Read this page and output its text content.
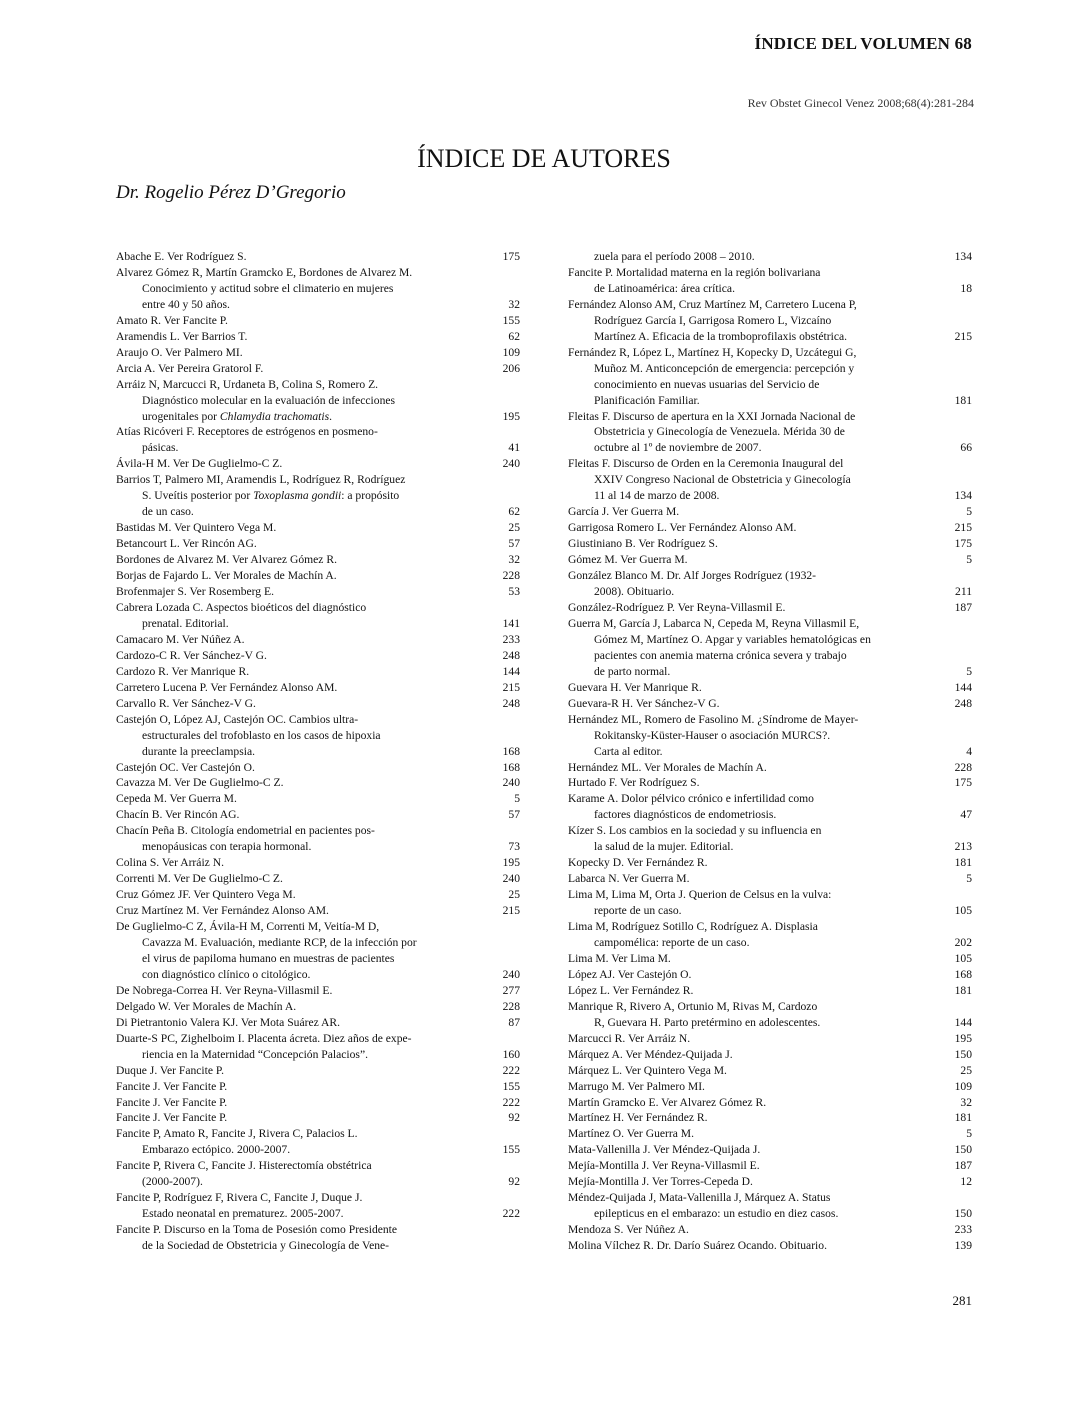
ÍNDICE DEL VOLUMEN 68
Rev Obstet Ginecol Venez 2008;68(4):281-284
ÍNDICE DE AUTORES
Dr. Rogelio Pérez D’Gregorio
Abache E. Ver Rodríguez S.	175
Alvarez Gómez R, Martín Gramcko E, Bordones de Alvarez M.
Conocimiento y actitud sobre el climaterio en mujeres
entre 40 y 50 años.	32
Amato R. Ver Fancite P.	155
Aramendis L. Ver Barrios T.	62
Araujo O. Ver Palmero MI.	109
Arcia A. Ver Pereira Gratorol F.	206
Arráiz N, Marcucci R, Urdaneta B, Colina S, Romero Z.
Diagnóstico molecular en la evaluación de infecciones
urogenitales por Chlamydia trachomatis.	195
Atías Ricóveri F. Receptores de estrógenos en posmeno-
pásicas.	41
Ávila-H M. Ver De Guglielmo-C Z.	240
Barrios T, Palmero MI, Aramendis L, Rodríguez R, Rodríguez
S. Uveítis posterior por Toxoplasma gondii: a propósito
de un caso.	62
Bastidas M. Ver Quintero Vega M.	25
Betancourt L. Ver Rincón AG.	57
Bordones de Alvarez M. Ver Alvarez Gómez R.	32
Borjas de Fajardo L. Ver Morales de Machín A.	228
Brofenmajer S. Ver Rosemberg E.	53
Cabrera Lozada C. Aspectos bioéticos del diagnóstico
prenatal. Editorial.	141
Camacaro M. Ver Núñez A.	233
Cardozo-C R. Ver Sánchez-V G.	248
Cardozo R. Ver Manrique R.	144
Carretero Lucena P. Ver Fernández Alonso AM.	215
Carvallo R. Ver Sánchez-V G.	248
Castejón O, López AJ, Castejón OC. Cambios ultra-
estructurales del trofoblasto en los casos de hipoxia
durante la preeclampsia.	168
Castejón OC. Ver Castejón O.	168
Cavazza M. Ver De Guglielmo-C Z.	240
Cepeda M. Ver Guerra M.	5
Chacín B. Ver Rincón AG.	57
Chacín Peña B. Citología endometrial en pacientes pos-
menopáusicas con terapia hormonal.	73
Colina S. Ver Arráiz N.	195
Correnti M. Ver De Guglielmo-C Z.	240
Cruz Gómez JF. Ver Quintero Vega M.	25
Cruz Martínez M. Ver Fernández Alonso AM.	215
De Guglielmo-C Z, Ávila-H M, Correnti M, Veitía-M D,
Cavazza M. Evaluación, mediante RCP, de la infección por
el virus de papiloma humano en muestras de pacientes
con diagnóstico clínico o citológico.	240
De Nobrega-Correa H. Ver Reyna-Villasmil E.	277
Delgado W. Ver Morales de Machín A.	228
Di Pietrantonio Valera KJ. Ver Mota Suárez AR.	87
Duarte-S PC, Zighelboim I. Placenta ácreta. Diez años de expe-
riencia en la Maternidad “Concepción Palacios”.	160
Duque J. Ver Fancite P.	222
Fancite J. Ver Fancite P.	155
Fancite J. Ver Fancite P.	222
Fancite J. Ver Fancite P.	92
Fancite P, Amato R, Fancite J, Rivera C, Palacios L.
Embarazo ectópico. 2000-2007.	155
Fancite P, Rivera C, Fancite J. Histerectomía obstétrica
(2000-2007).	92
Fancite P, Rodríguez F, Rivera C, Fancite J, Duque J.
Estado neonatal en prematurez. 2005-2007.	222
Fancite P. Discurso en la Toma de Posesión como Presidente
de la Sociedad de Obstetricia y Ginecología de Vene-
zuela para el período 2008 – 2010.	134
Fancite P. Mortalidad materna en la región bolivariana
de Latinoamérica: área crítica.	18
Fernández Alonso AM, Cruz Martínez M, Carretero Lucena P,
Rodríguez García I, Garrigosa Romero L, Vizcaíno
Martínez A. Eficacia de la tromboprofilaxis obstétrica.	215
Fernández R, López L, Martínez H, Kopecky D, Uzcátegui G,
Muñoz M. Anticoncepción de emergencia: percepción y
conocimiento en nuevas usuarias del Servicio de
Planificación Familiar.	181
Fleitas F. Discurso de apertura en la XXI Jornada Nacional de
Obstetricia y Ginecología de Venezuela. Mérida 30 de
octubre al 1º de noviembre de 2007.	66
Fleitas F. Discurso de Orden en la Ceremonia Inaugural del
XXIV Congreso Nacional de Obstetricia y Ginecología
11 al 14 de marzo de 2008.	134
García J. Ver Guerra M.	5
Garrigosa Romero L. Ver Fernández Alonso AM.	215
Giustiniano B. Ver Rodríguez S.	175
Gómez M. Ver Guerra M.	5
González Blanco M. Dr. Alf Jorges Rodríguez (1932-
2008). Obituario.	211
González-Rodríguez P. Ver Reyna-Villasmil E.	187
Guerra M, García J, Labarca N, Cepeda M, Reyna Villasmil E,
Gómez M, Martínez O. Apgar y variables hematológicas en
pacientes con anemia materna crónica severa y trabajo
de parto normal.	5
Guevara H. Ver Manrique R.	144
Guevara-R H. Ver Sánchez-V G.	248
Hernández ML, Romero de Fasolino M. ¿Síndrome de Mayer-
Rokitansky-Küster-Hauser o asociación MURCS?.
Carta al editor.	4
Hernández ML. Ver Morales de Machín A.	228
Hurtado F. Ver Rodríguez S.	175
Karame A. Dolor pélvico crónico e infertilidad como
factores diagnósticos de endometriosis.	47
Kízer S. Los cambios en la sociedad y su influencia en
la salud de la mujer. Editorial.	213
Kopecky D. Ver Fernández R.	181
Labarca N. Ver Guerra M.	5
Lima M, Lima M, Orta J. Querion de Celsus en la vulva:
reporte de un caso.	105
Lima M, Rodríguez Sotillo C, Rodríguez A. Displasia
campomélica: reporte de un caso.	202
Lima M. Ver Lima M.	105
López AJ. Ver Castejón O.	168
López L. Ver Fernández R.	181
Manrique R, Rivero A, Ortunio M, Rivas M, Cardozo
R, Guevara H. Parto pretérmino en adolescentes.	144
Marcucci R. Ver Arráiz N.	195
Márquez A. Ver Méndez-Quijada J.	150
Márquez L. Ver Quintero Vega M.	25
Marrugo M. Ver Palmero MI.	109
Martín Gramcko E. Ver Alvarez Gómez R.	32
Martínez H. Ver Fernández R.	181
Martínez O. Ver Guerra M.	5
Mata-Vallenilla J. Ver Méndez-Quijada J.	150
Mejía-Montilla J. Ver Reyna-Villasmil E.	187
Mejía-Montilla J. Ver Torres-Cepeda D.	12
Méndez-Quijada J, Mata-Vallenilla J, Márquez A. Status
epilepticus en el embarazo: un estudio en diez casos.	150
Mendoza S. Ver Núñez A.	233
Molina Vílchez R. Dr. Darío Suárez Ocando. Obituario.	139
281
